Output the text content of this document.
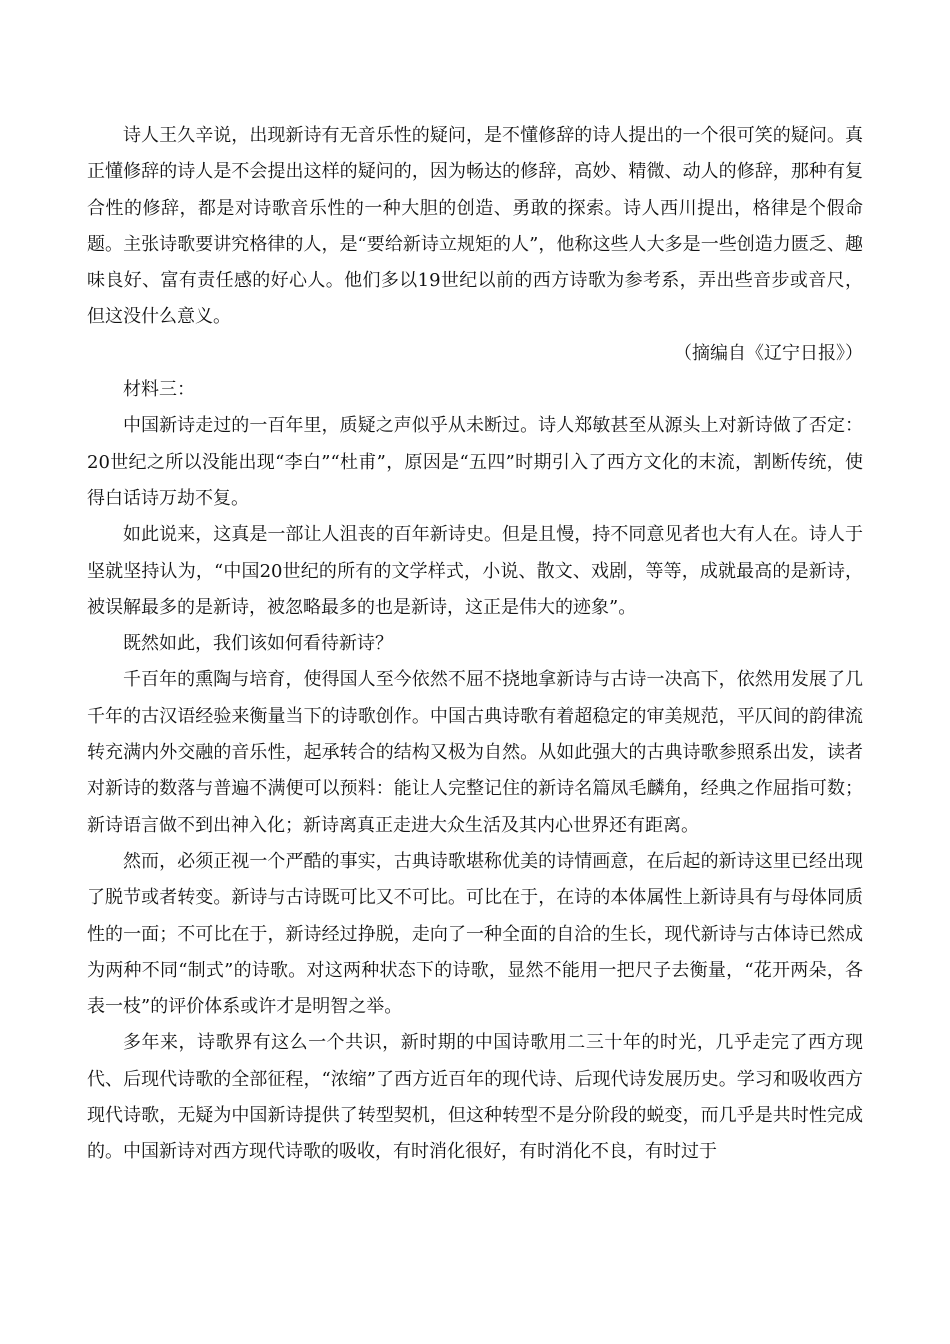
诗人王久辛说，出现新诗有无音乐性的疑问，是不懂修辞的诗人提出的一个很可笑的疑问。真正懂修辞的诗人是不会提出这样的疑问的，因为畅达的修辞，高妙、精微、动人的修辞，那种有复合性的修辞，都是对诗歌音乐性的一种大胆的创造、勇敢的探索。诗人西川提出，格律是个假命题。主张诗歌要讲究格律的人，是“要给新诗立规矩的人”，他称这些人大多是一些创造力匮乏、趣味良好、富有责任感的好心人。他们多以19世纪以前的西方诗歌为参考系，弄出些音步或音尺，但这没什么意义。

（摘编自《辽宁日报》）

材料三：

中国新诗走过的一百年里，质疑之声似乎从未断过。诗人郑敏甚至从源头上对新诗做了否定：20世纪之所以没能出现“李白”“杜甫”，原因是“五四”时期引入了西方文化的末流，割断传统，使得白话诗万劫不复。

如此说来，这真是一部让人沮丧的百年新诗史。但是且慢，持不同意见者也大有人在。诗人于坚就坚持认为，“中国20世纪的所有的文学样式，小说、散文、戏剧，等等，成就最高的是新诗，被误解最多的是新诗，被忽略最多的也是新诗，这正是伟大的迹象”。

既然如此，我们该如何看待新诗？

千百年的熏陶与培育，使得国人至今依然不屈不挠地拿新诗与古诗一决高下，依然用发展了几千年的古汉语经验来衡量当下的诗歌创作。中国古典诗歌有着超稳定的审美规范，平仄间的韵律流转充满内外交融的音乐性，起承转合的结构又极为自然。从如此强大的古典诗歌参照系出发，读者对新诗的数落与普遍不满便可以预料：能让人完整记住的新诗名篇凤毛麟角，经典之作屈指可数；新诗语言做不到出神入化；新诗离真正走进大众生活及其内心世界还有距离。

然而，必须正视一个严酷的事实，古典诗歌堪称优美的诗情画意，在后起的新诗这里已经出现了脱节或者转变。新诗与古诗既可比又不可比。可比在于，在诗的本体属性上新诗具有与母体同质性的一面；不可比在于，新诗经过挣脱，走向了一种全面的自洽的生长，现代新诗与古体诗已然成为两种不同“制式”的诗歌。对这两种状态下的诗歌，显然不能用一把尺子去衡量，“花开两朵，各表一枝”的评价体系或许才是明智之举。

多年来，诗歌界有这么一个共识，新时期的中国诗歌用二三十年的时光，几乎走完了西方现代、后现代诗歌的全部征程，“浓缩”了西方近百年的现代诗、后现代诗发展历史。学习和吸收西方现代诗歌，无疑为中国新诗提供了转型契机，但这种转型不是分阶段的蜕变，而几乎是共时性完成的。中国新诗对西方现代诗歌的吸收，有时消化很好，有时消化不良，有时过于
